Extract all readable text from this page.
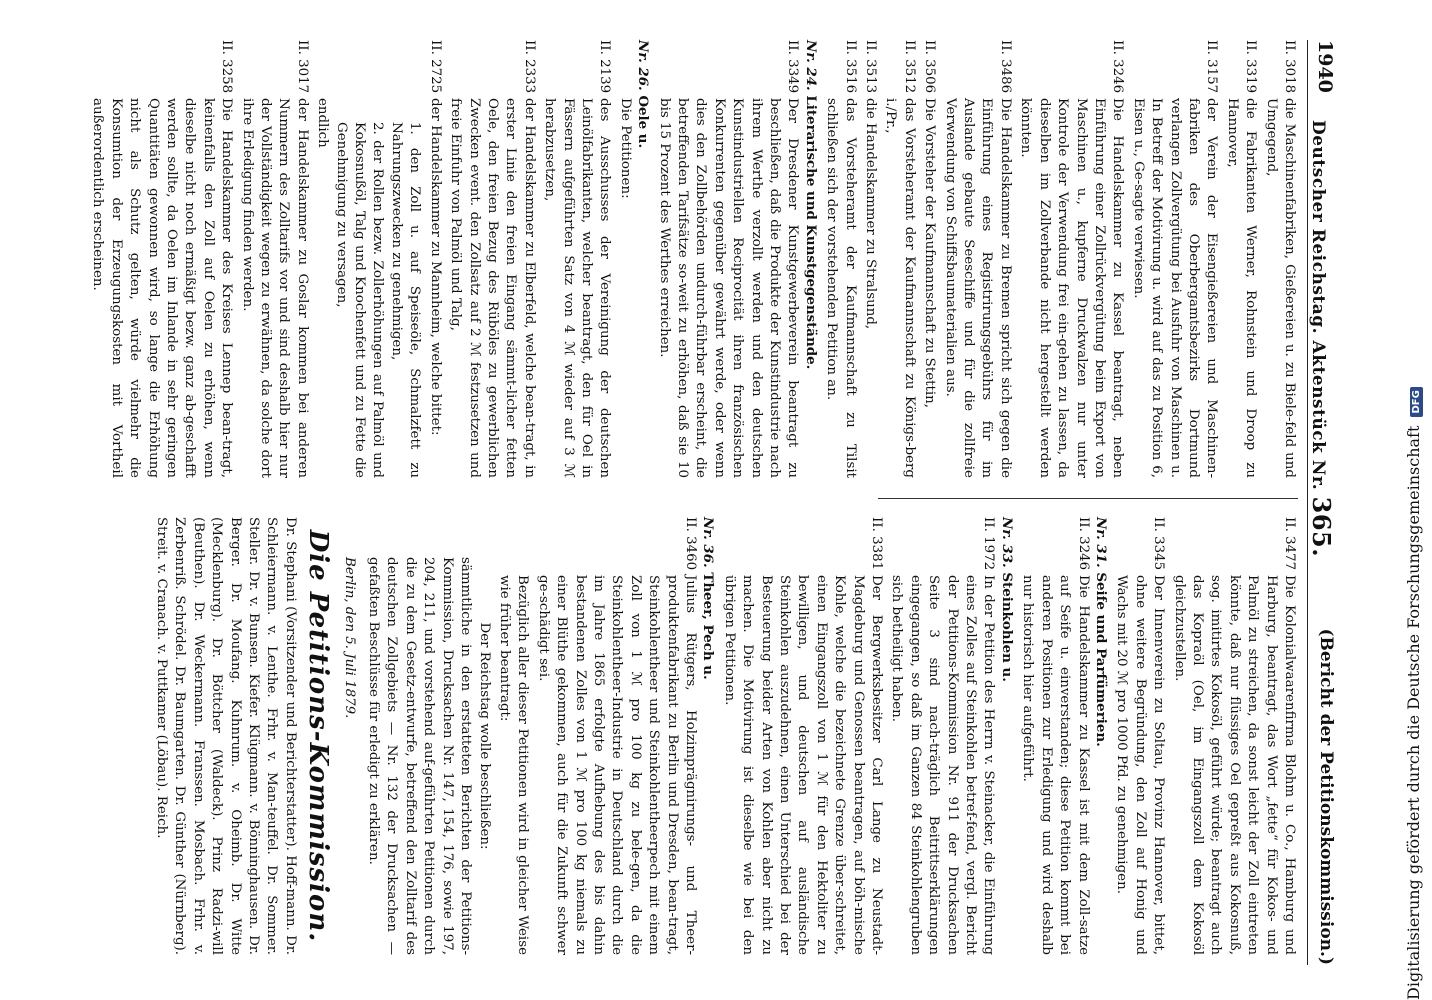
1940
Deutscher Reichstag. Aktenstück Nr. 365.
(Bericht der Petitionskommission.)
II. 3018
die Maschinenfabriken, Gießereien u. zu Biele-feld und Umgegend,
II. 3319
die Fabrikanten Werner, Rohnstein und Droop zu Hannover,
II. 3157
der Verein der Eisengießereien und Maschinen-fabriken des Oberbergamtsbezirks Dortmund verlangen Zollvergütung bei Ausfuhr von Maschinen u. In Betreff der Motivirung u. wird auf das zu Position 6, Eisen u., Ge-sagte verwiesen.
II. 3246
Die Handelskammer zu Kassel beantragt, neben Einführung einer Zollrückvergütung beim Export von Maschinen u., kupferne Druckwalzen nur unter Kontrole der Verwendung frei ein-gehen zu lassen, da dieselben im Zollverbande nicht hergestellt werden könnten.
II. 3486
Die Handelskammer zu Bremen spricht sich gegen die Einführung eines Registrirungsgebührs für im Auslande gebaute Seeschiffe und für die zollfreie Verwendung von Schiffsbaumaterialien aus.
II. 3506
Die Vorsteher der Kaufmannschaft zu Stettin,
II. 3512
das Vorsteheramt der Kaufmannschaft zu Königs-berg i./Pr.,
II. 3513
die Handelskammer zu Stralsund,
II. 3516
das Vorsteheramt der Kaufmannschaft zu Tilsit schließen sich der vorstehenden Petition an.
Nr. 24. Literarische und Kunstgegenstände.
II. 3349
Der Dresdener Kunstgewerbeverein beantragt zu beschließen, daß die Produkte der Kunstindustrie nach ihrem Werthe verzollt werden und den deutschen Kunstindustriellen Reciprocität ihren französischen Konkurrenten gegenüber gewährt werde, oder wenn dies den Zollbehörden undurch-führbar erscheint, die betreffenden Tarifsätze so-weit zu erhöhen, daß sie 10 bis 15 Prozent des Werthes erreichen.
Nr. 26. Oele u.
Die Petitionen:
II. 2139
des Ausschusses der Vereinigung der deutschen Leinölfabrikanten, welcher beantragt, den für Oel in Fässern aufgeführten Satz von 4 ℳ wieder auf 3 ℳ herabzusetzen,
II. 2333
der Handelskammer zu Elberfeld, welche bean-tragt, in erster Linie den freien Eingang sämmt-licher fetten Oele, den freien Bezug des Rüböles zu gewerblichen Zwecken event. den Zollsatz auf 2 ℳ festzusetzen und freie Einfuhr von Palmöl und Talg,
II. 2725
der Handelskammer zu Mannheim, welche bittet:
1. den Zoll u. auf Speiseöle, Schmalzfett zu Nahrungszwecken zu genehmigen,
2. der Rollen bezw. Zollerhöhungen auf Palmöl und Kokosnußöl, Talg und Knochenfett und zu Fette die Genehmigung zu versagen,
endlich
II. 3017
der Handelskammer zu Goslar kommen bei anderen Nummern des Zolltarifs vor und sind deshalb hier nur der Vollständigkeit wegen zu erwähnen, da solche dort ihre Erledigung finden werden.
II. 3258
Die Handelskammer des Kreises Lennep bean-tragt, keinenfalls den Zoll auf Oelen zu erhöhen, wenn dieselbe nicht noch ermäßigt bezw. ganz ab-geschafft werden sollte, da Oelen im Inlande in sehr geringen Quantitäten gewonnen wird, so lange die Erhöhung nicht als Schutz gelten, würde vielmehr die Konsumtion der Erzeugungskosten mit Vortheil außerordentlich erscheinen.
II. 3477
Die Kolonialwaarenfirma Blohm u. Co., Hamburg und Harburg, beantragt, das Wort „fette“ für Kokos- und Palmöl zu streichen, da sonst leicht der Zoll eintreten könnte, daß nur flüssiges Oel gepreßt aus Kokosnuß, sog. imitirtes Kokosöl, geführt würde; beantragt auch das Kopraöl (Oel, im Eingangszoll dem Kokosöl gleichzustellen.
II. 3345
Der Innenverein zu Soltau, Provinz Hannover, bittet, ohne weitere Begründung, den Zoll auf Honig und Wachs mit 20 ℳ pro 1000 Pfd. zu genehmigen.
Nr. 31. Seife und Parfümerien.
II. 3246
Die Handelskammer zu Kassel ist mit dem Zoll-satze auf Seife u. einverstanden; diese Petition kommt bei anderen Positionen zur Erledigung und wird deshalb nur historisch hier aufgeführt.
Nr. 33. Steinkohlen u.
II. 1972
In der Petition des Herrn v. Steinacker, die Einführung eines Zolles auf Steinkohlen betref-fend, vergl. Bericht der Petitions-Kommission Nr. 911 der Drucksachen Seite 3 sind nach-träglich Beitrittserklärungen eingegangen, so daß im Ganzen 84 Steinkohlengruben sich betheiligt haben.
II. 3381
Der Bergwerksbesitzer Carl Lange zu Neustadt-Magdeburg und Genossen beantragen, auf böh-mische Kohle, welche die bezeichnete Grenze über-schreitet, einen Eingangszoll von 1 ℳ für den Hektoliter zu bewilligen, und deutschen auf ausländische Steinkohlen auszudehnen, einen Unterschied bei der Besteuerung beider Arten von Kohlen aber nicht zu machen. Die Motivirung ist dieselbe wie bei den übrigen Petitionen.
Nr. 36. Theer, Pech u.
II. 3460
Julius Rütgers, Holzimprägnirungs- und Theer-produktenfabrikant zu Berlin und Dresden, bean-tragt, Steinkohlentheer und Steinkohlentheerpech mit einem Zoll von 1 ℳ pro 100 kg zu bele-gen, da die Steinkohlentheer-Industrie in Deutschland durch die im Jahre 1865 erfolgte Aufhebung des bis dahin bestandenen Zolles von 1 ℳ pro 100 kg niemals zu einer Blüthe gekommen, auch für die Zukunft schwer ge-schädigt sei.
Bezüglich aller dieser Petitionen wird in gleicher Weise wie früher beantragt:
Der Reichstag wolle beschließen:
sämmtliche in den erstatteten Berichten der Petitions-Kommission, Drucksachen Nr. 147, 154, 176, sowie 197, 204, 211, und vorstehend auf-geführten Petitionen durch die zu dem Gesetz-entwurfe, betreffend den Zolltarif des deutschen Zollgebiets — Nr. 132 der Drucksachen — gefaßten Beschlüsse für erledigt zu erklären.
Berlin, den 5. Juli 1879.
Die Petitions-Kommission.
Dr. Stephani (Vorsitzender und Berichterstatter). Hoff-mann. Dr. Schleiermann. v. Lenthe. Frhr. v. Man-teuffel. Dr. Sommer. Steller. Dr. v. Bunsen. Kiefer. Klügmann. v. Bönninghausen. Dr. Berger. Dr. Moufang. Kuhnrum. v. Oheimb. Dr. Witte (Mecklenburg). Dr. Böttcher (Waldeck). Prinz Radzi-will (Beuthen). Dr. Weckermann. Franssen. Mosbach. Frhr. v. Zerbenriß. Schrödel. Dr. Baumgarten. Dr. Günther (Nürnberg). Streit. v. Cranach. v. Puttkamer (Löbau). Reich.	Digitalisierung gefördert durch die Deutsche Forschungsgemeinschaft DFG
